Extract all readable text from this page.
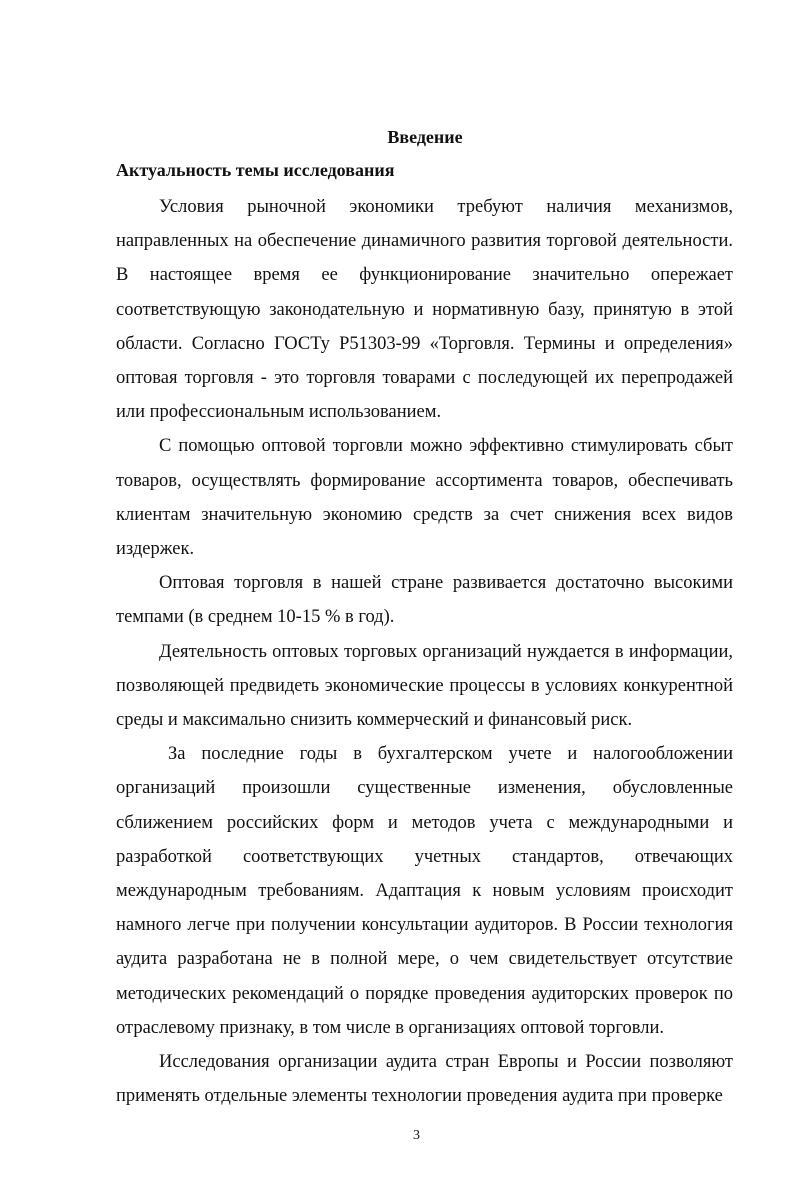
Введение
Актуальность темы исследования

Условия рыночной экономики требуют наличия механизмов, направленных на обеспечение динамичного развития торговой деятельности. В настоящее время ее функционирование значительно опережает соответствующую законодательную и нормативную базу, принятую в этой области. Согласно ГОСТу Р51303-99 «Торговля. Термины и определения» оптовая торговля - это торговля товарами с последующей их перепродажей или профессиональным использованием.

С помощью оптовой торговли можно эффективно стимулировать сбыт товаров, осуществлять формирование ассортимента товаров, обеспечивать клиентам значительную экономию средств за счет снижения всех видов издержек.

Оптовая торговля в нашей стране развивается достаточно высокими темпами (в среднем 10-15 % в год).

Деятельность оптовых торговых организаций нуждается в информации, позволяющей предвидеть экономические процессы в условиях конкурентной среды и максимально снизить коммерческий и финансовый риск.

За последние годы в бухгалтерском учете и налогообложении организаций произошли существенные изменения, обусловленные сближением российских форм и методов учета с международными и разработкой соответствующих учетных стандартов, отвечающих международным требованиям. Адаптация к новым условиям происходит намного легче при получении консультации аудиторов. В России технология аудита разработана не в полной мере, о чем свидетельствует отсутствие методических рекомендаций о порядке проведения аудиторских проверок по отраслевому признаку, в том числе в организациях оптовой торговли.

Исследования организации аудита стран Европы и России позволяют применять отдельные элементы технологии проведения аудита при проверке

3
